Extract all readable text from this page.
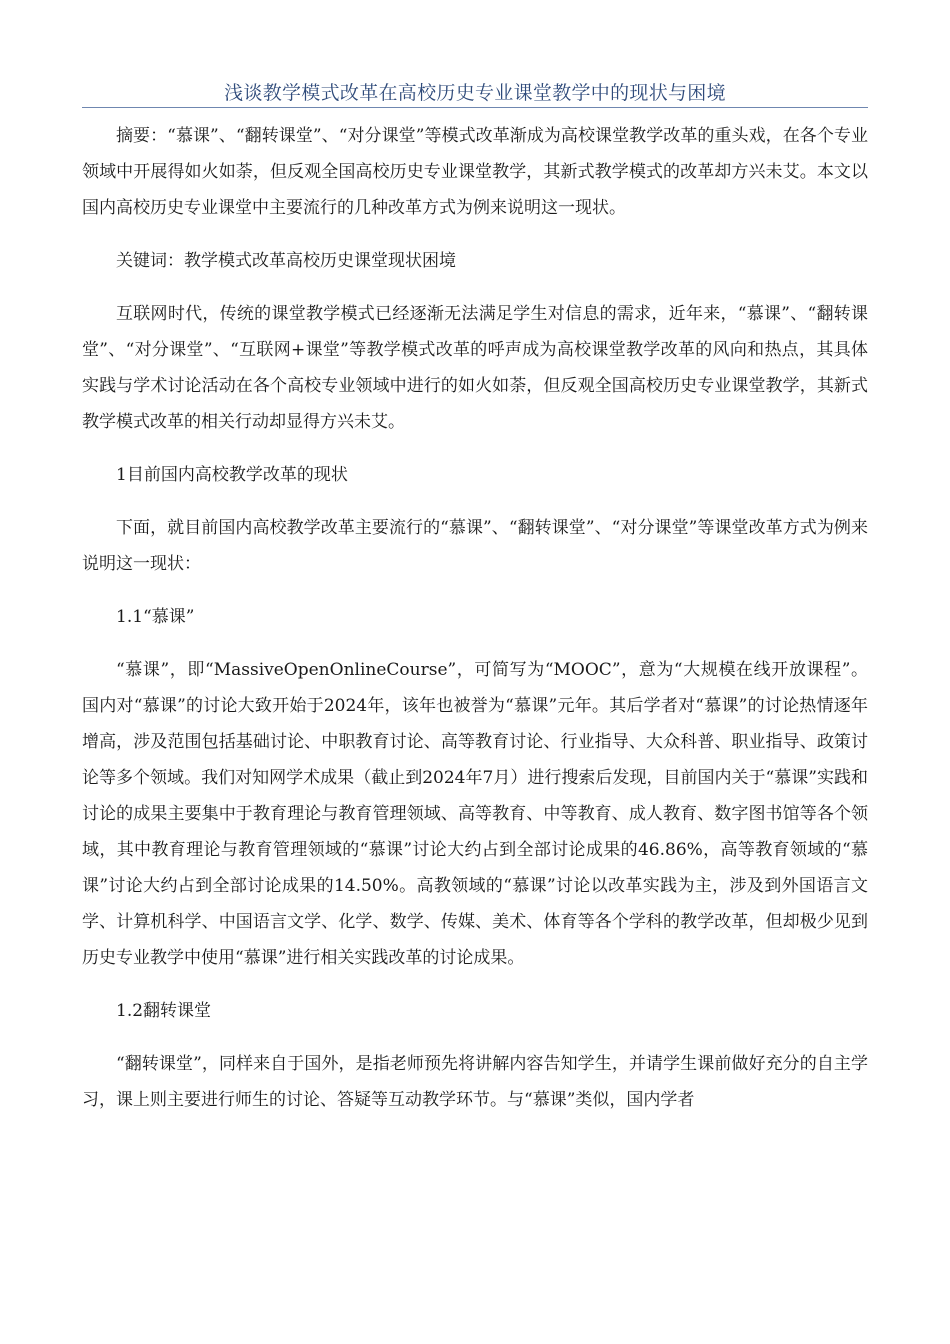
浅谈教学模式改革在高校历史专业课堂教学中的现状与困境

摘要：“慕课”、“翻转课堂”、“对分课堂”等模式改革渐成为高校课堂教学改革的重头戏，在各个专业领域中开展得如火如荼，但反观全国高校历史专业课堂教学，其新式教学模式的改革却方兴未艾。本文以国内高校历史专业课堂中主要流行的几种改革方式为例来说明这一现状。

关键词：教学模式改革高校历史课堂现状困境

互联网时代，传统的课堂教学模式已经逐渐无法满足学生对信息的需求，近年来，“慕课”、“翻转课堂”、“对分课堂”、“互联网+课堂”等教学模式改革的呼声成为高校课堂教学改革的风向和热点，其具体实践与学术讨论活动在各个高校专业领域中进行的如火如荼，但反观全国高校历史专业课堂教学，其新式教学模式改革的相关行动却显得方兴未艾。

1目前国内高校教学改革的现状

下面，就目前国内高校教学改革主要流行的“慕课”、“翻转课堂”、“对分课堂”等课堂改革方式为例来说明这一现状：

1.1“慕课”

“慕课”，即“MassiveOpenOnlineCourse”，可简写为“MOOC”，意为“大规模在线开放课程”。国内对“慕课”的讨论大致开始于2024年，该年也被誉为“慕课”元年。其后学者对“慕课”的讨论热情逐年增高，涉及范围包括基础讨论、中职教育讨论、高等教育讨论、行业指导、大众科普、职业指导、政策讨论等多个领域。我们对知网学术成果（截止到2024年7月）进行搜索后发现，目前国内关于“慕课”实践和讨论的成果主要集中于教育理论与教育管理领域、高等教育、中等教育、成人教育、数字图书馆等各个领域，其中教育理论与教育管理领域的“慕课”讨论大约占到全部讨论成果的46.86%，高等教育领域的“慕课”讨论大约占到全部讨论成果的14.50%。高教领域的“慕课”讨论以改革实践为主，涉及到外国语言文学、计算机科学、中国语言文学、化学、数学、传媒、美术、体育等各个学科的教学改革，但却极少见到历史专业教学中使用“慕课”进行相关实践改革的讨论成果。

1.2翻转课堂

“翻转课堂”，同样来自于国外，是指老师预先将讲解内容告知学生，并请学生课前做好充分的自主学习，课上则主要进行师生的讨论、答疑等互动教学环节。与“慕课”类似，国内学者
